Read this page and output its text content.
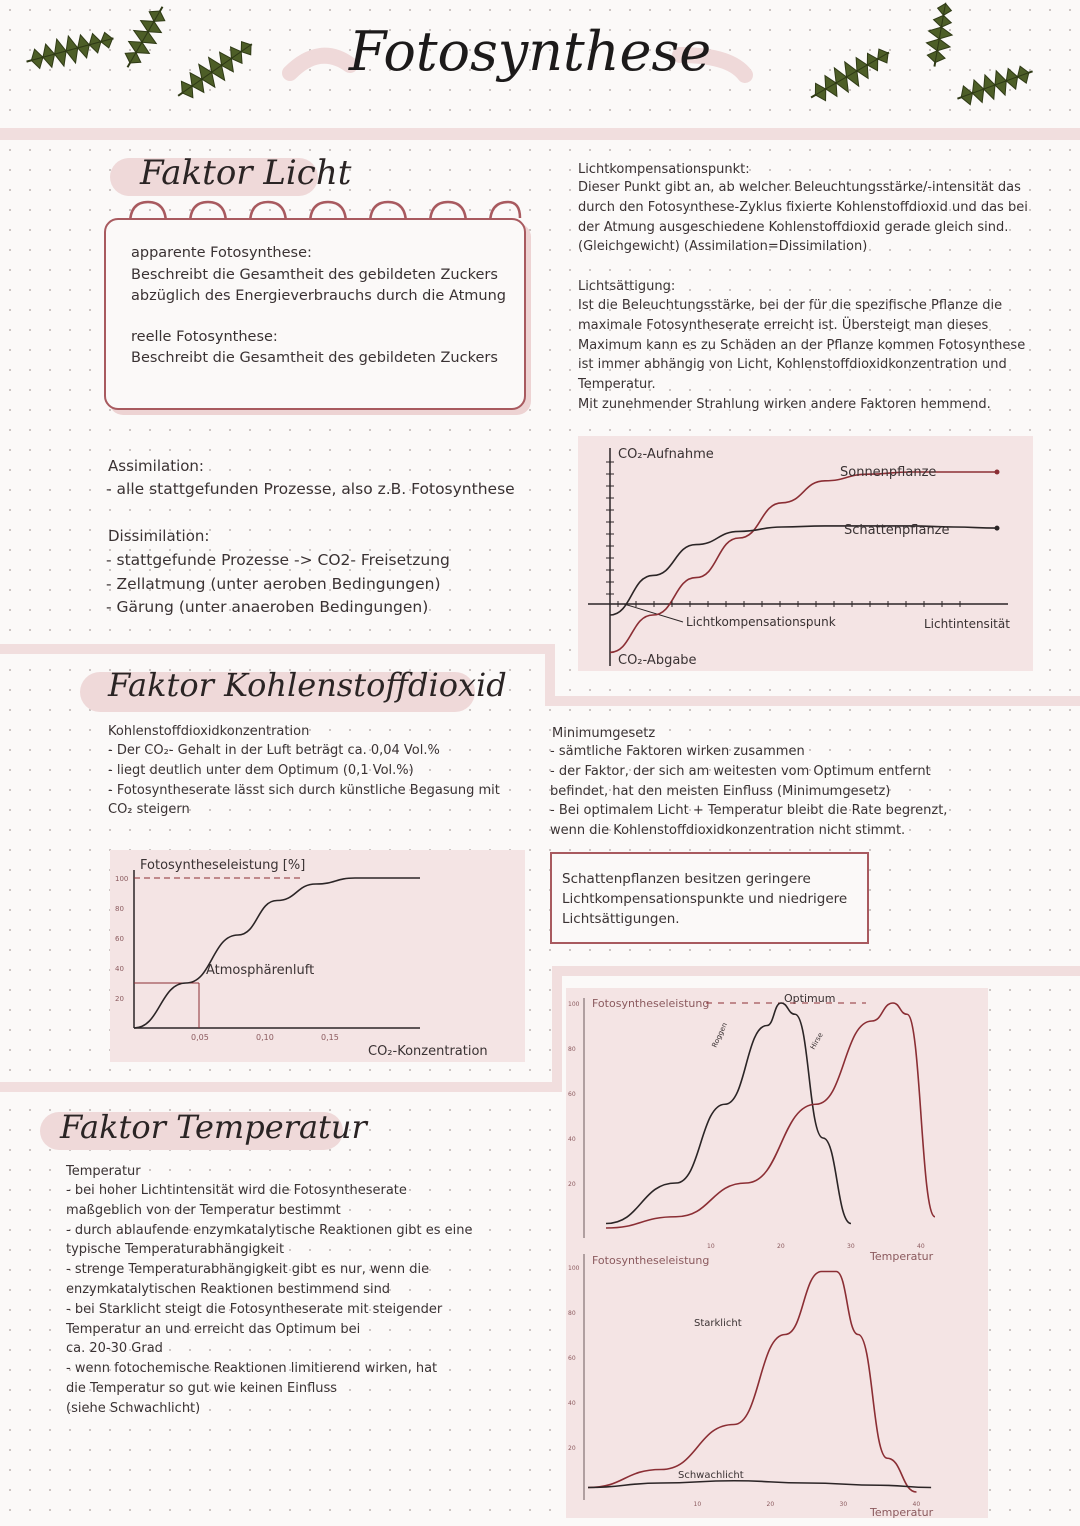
Fotosynthese
Faktor Licht
apparente Fotosynthese:
Beschreibt die Gesamtheit des gebildeten Zuckers
abzüglich des Energieverbrauchs durch die Atmung
reelle Fotosynthese:
Beschreibt die Gesamtheit des gebildeten Zuckers
Assimilation:
- alle stattgefunden Prozesse, also z.B. Fotosynthese
Dissimilation:
- stattgefunde Prozesse -> CO2- Freisetzung
- Zellatmung (unter aeroben Bedingungen)
- Gärung (unter anaeroben Bedingungen)
Lichtkompensationspunkt:
Dieser Punkt gibt an, ab welcher Beleuchtungsstärke/-intensität das
durch den Fotosynthese-Zyklus fixierte Kohlenstoffdioxid und das bei
der Atmung ausgeschiedene Kohlenstoffdioxid gerade gleich sind.
(Gleichgewicht) (Assimilation=Dissimilation)
Lichtsättigung:
Ist die Beleuchtungsstärke, bei der für die spezifische Pflanze die
maximale Fotosyntheserate erreicht ist. Übersteigt man dieses
Maximum kann es zu Schäden an der Pflanze kommen Fotosynthese
ist immer abhängig von Licht, Kohlenstoffdioxidkonzentration und
Temperatur.
Mit zunehmender Strahlung wirken andere Faktoren hemmend.
CO₂-Aufnahme
CO₂-Abgabe
Lichtintensität
Lichtkompensationspunk
Sonnenpflanze
Schattenpflanze
Faktor Kohlenstoffdioxid
Kohlenstoffdioxidkonzentration
- Der CO₂- Gehalt in der Luft beträgt ca. 0,04 Vol.%
- liegt deutlich unter dem Optimum (0,1 Vol.%)
- Fotosyntheserate lässt sich durch künstliche Begasung mit
CO₂ steigern
Fotosyntheseleistung [%]
CO₂-Konzentration
Atmosphärenluft
20
40
60
80
100
0,05	0,10	0,15
Minimumgesetz
- sämtliche Faktoren wirken zusammen
- der Faktor, der sich am weitesten vom Optimum entfernt
befindet, hat den meisten Einfluss (Minimumgesetz)
- Bei optimalem Licht + Temperatur bleibt die Rate begrenzt,
wenn die Kohlenstoffdioxidkonzentration nicht stimmt.
Schattenpflanzen besitzen geringere
Lichtkompensationspunkte und niedrigere
Lichtsättigungen.
Faktor Temperatur
Temperatur
- bei hoher Lichtintensität wird die Fotosyntheserate
maßgeblich von der Temperatur bestimmt
- durch ablaufende enzymkatalytische Reaktionen gibt es eine
typische Temperaturabhängigkeit
- strenge Temperaturabhängigkeit gibt es nur, wenn die
enzymkatalytischen Reaktionen bestimmend sind
- bei Starklicht steigt die Fotosyntheserate mit steigender
Temperatur an und erreicht das Optimum bei
ca. 20-30 Grad
- wenn fotochemische Reaktionen limitierend wirken, hat
die Temperatur so gut wie keinen Einfluss
(siehe Schwachlicht)
Fotosyntheseleistung	Optimum
20
40
60
80
100
10	20	30	40
Roggen	Hirse
Fotosyntheseleistung	Temperatur
Temperatur
20
40
60
80
100
10	20	30	40
Starklicht
Schwachlicht
